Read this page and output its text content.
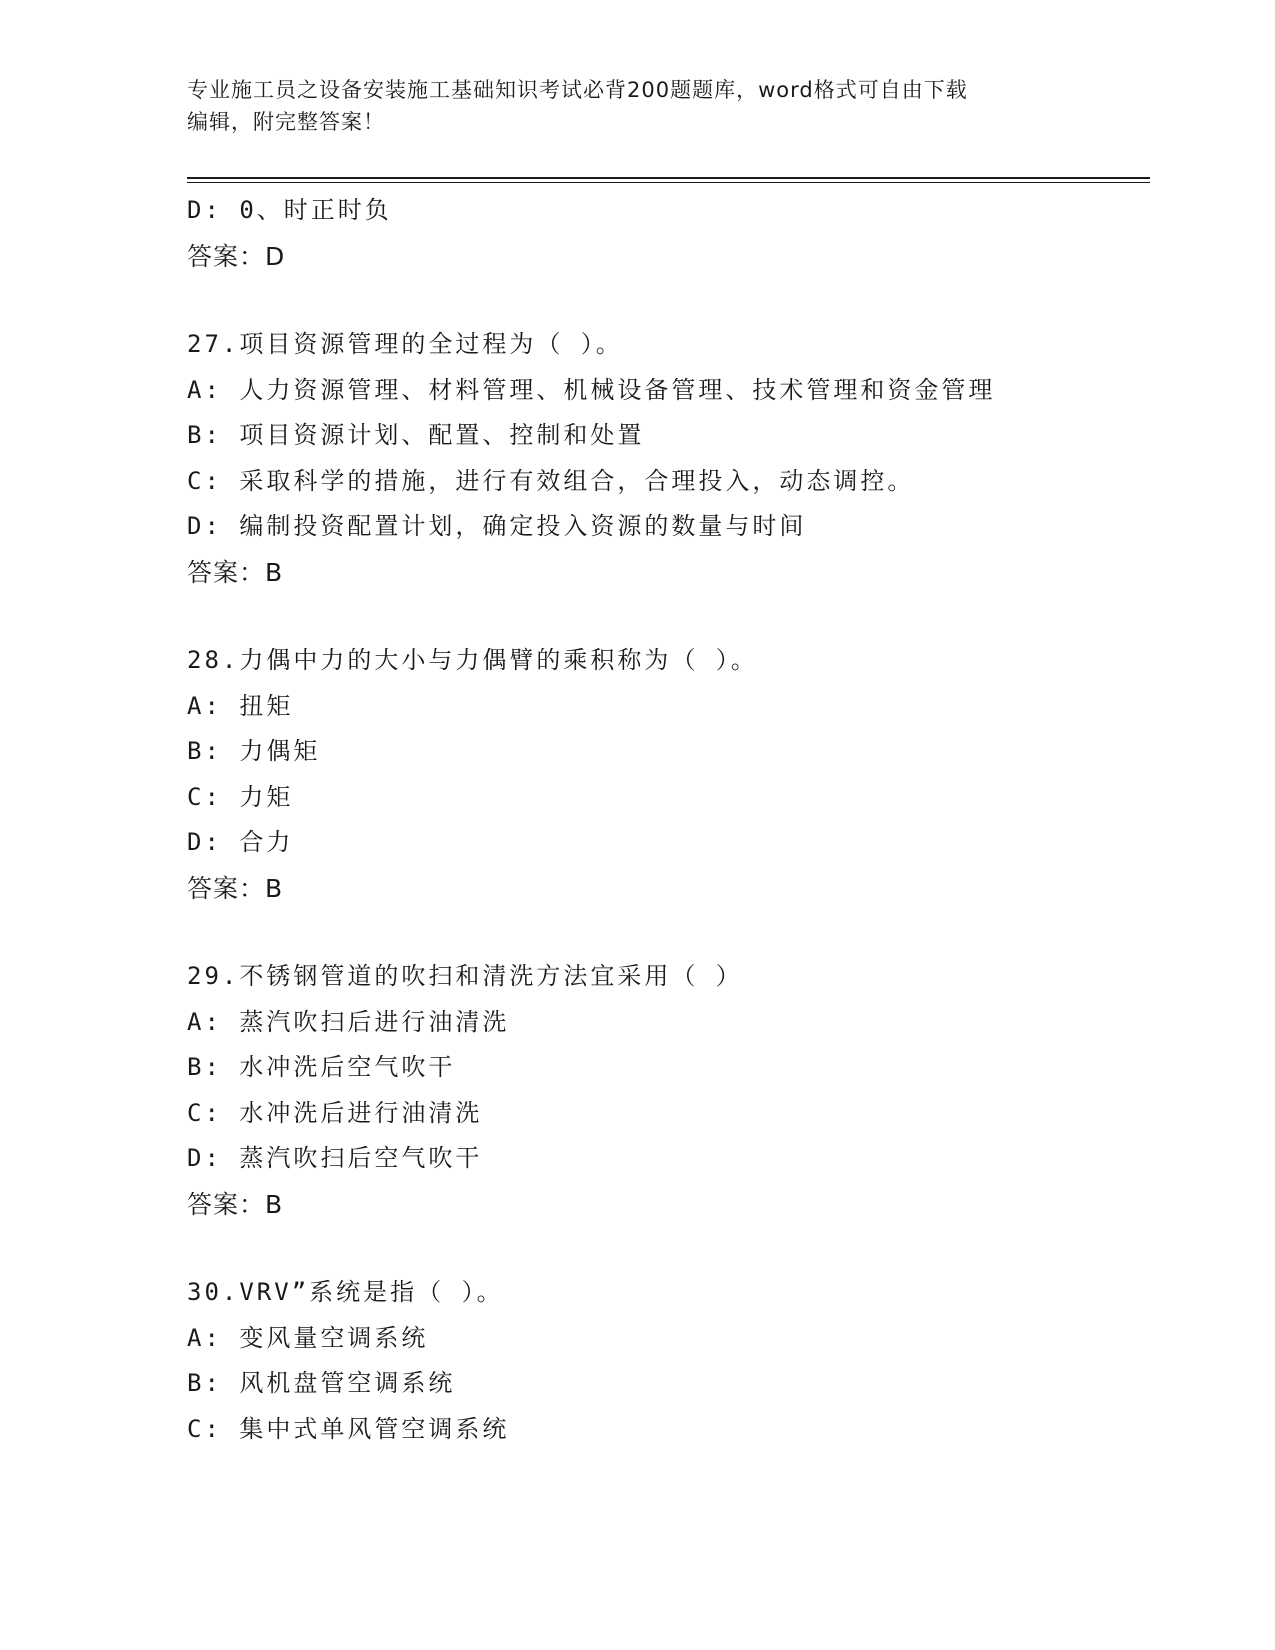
专业施工员之设备安装施工基础知识考试必背200题题库，word格式可自由下载
编辑，附完整答案！
D: 0、时正时负
答案：D
27.项目资源管理的全过程为（ ）。
A: 人力资源管理、材料管理、机械设备管理、技术管理和资金管理
B: 项目资源计划、配置、控制和处置
C: 采取科学的措施，进行有效组合，合理投入，动态调控。
D: 编制投资配置计划，确定投入资源的数量与时间
答案：B
28.力偶中力的大小与力偶臂的乘积称为（ ）。
A: 扭矩
B: 力偶矩
C: 力矩
D: 合力
答案：B
29.不锈钢管道的吹扫和清洗方法宜采用（ ）
A: 蒸汽吹扫后进行油清洗
B: 水冲洗后空气吹干
C: 水冲洗后进行油清洗
D: 蒸汽吹扫后空气吹干
答案：B
30.VRV”系统是指（ ）。
A: 变风量空调系统
B: 风机盘管空调系统
C: 集中式单风管空调系统
